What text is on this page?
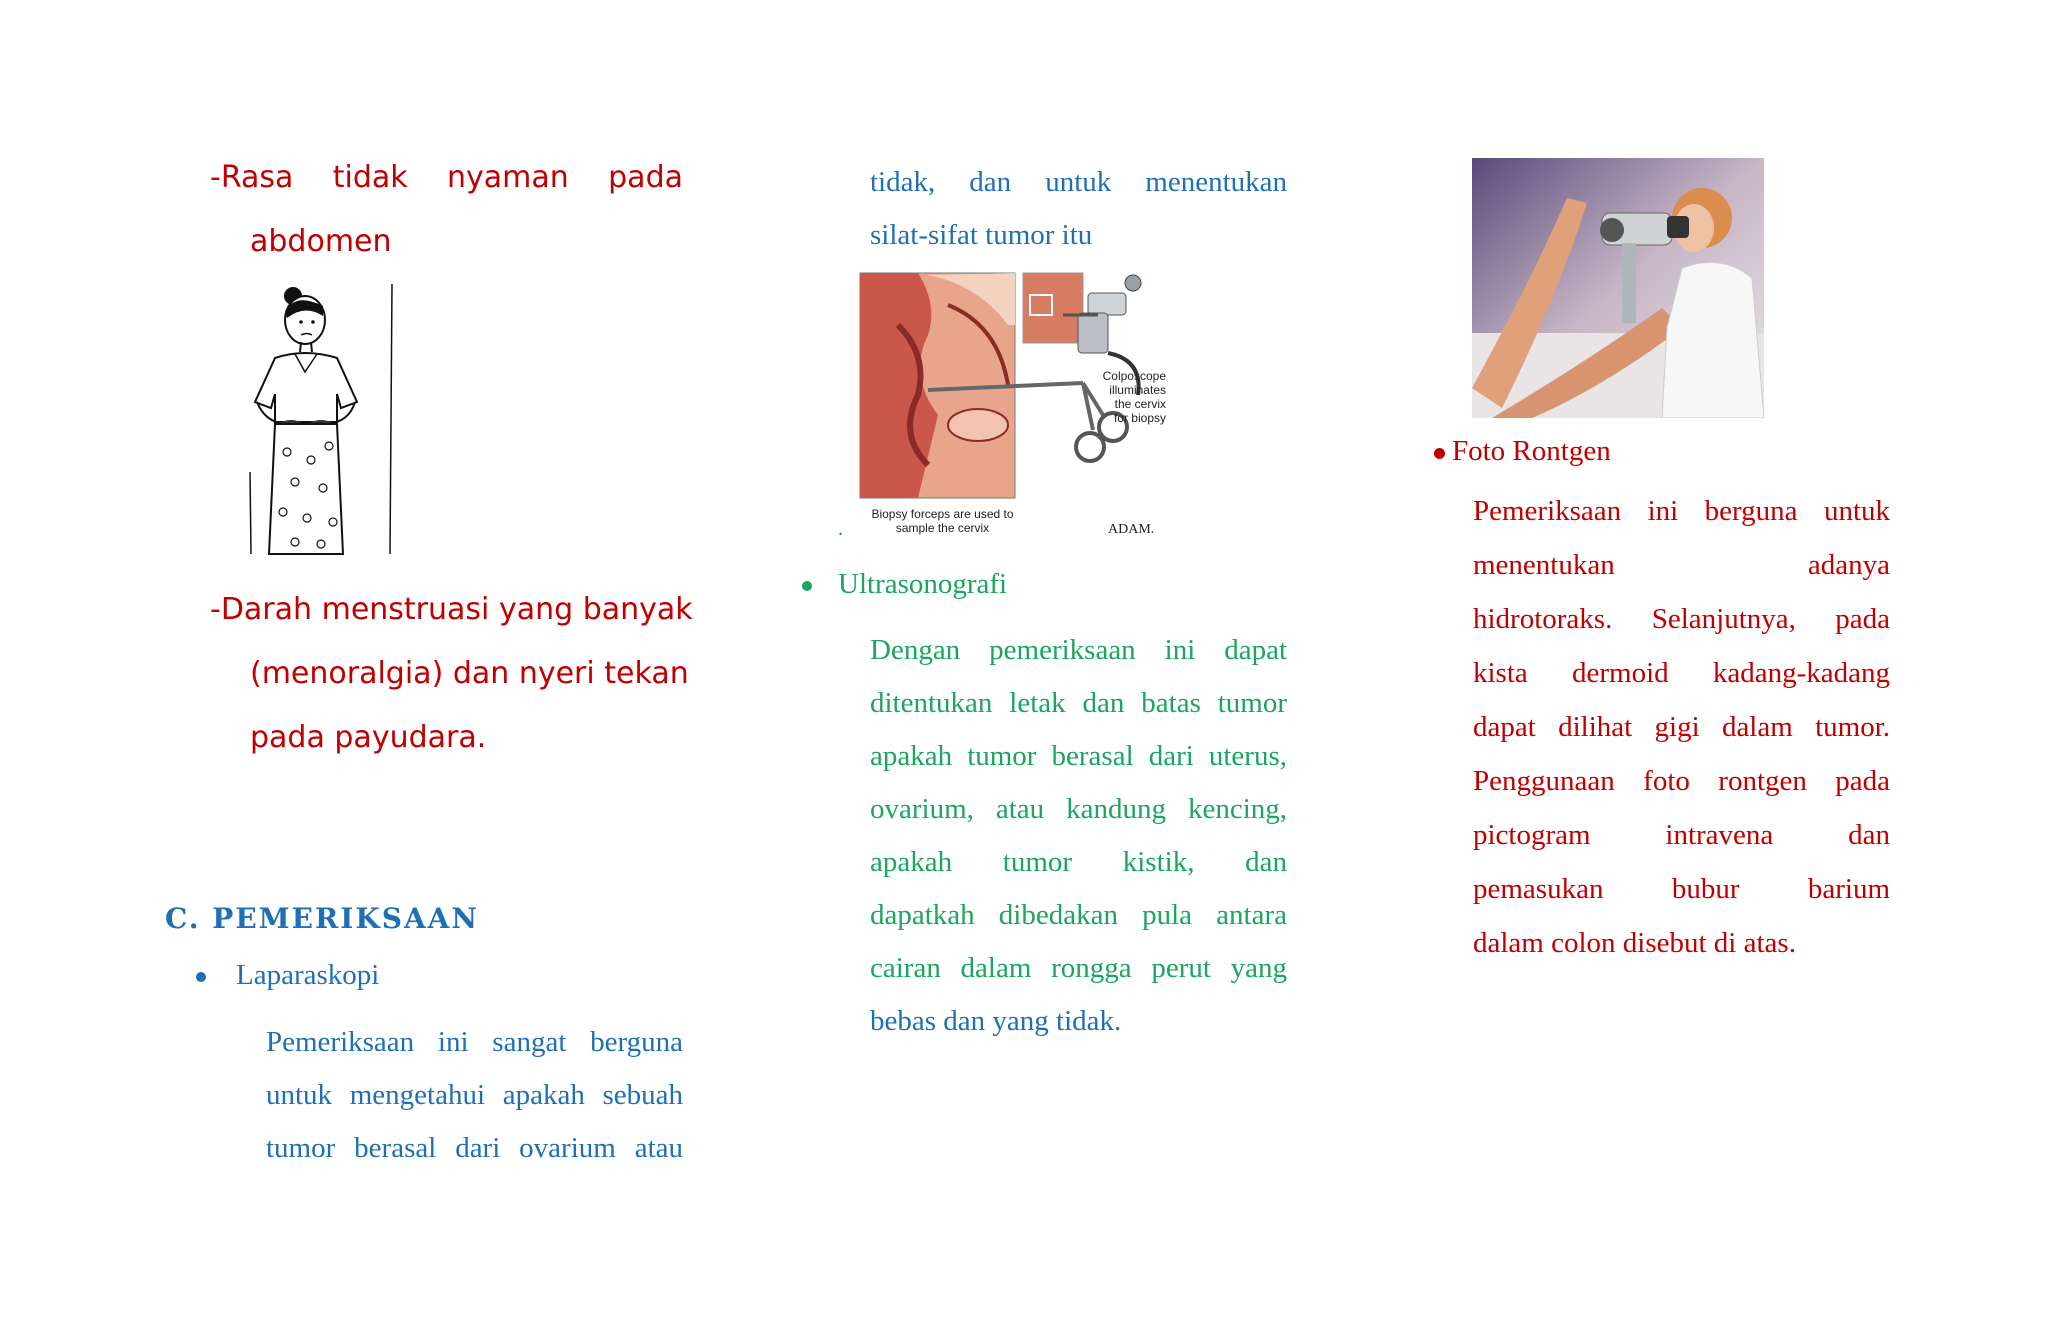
-Rasa tidak nyaman pada
abdomen
-Darah menstruasi yang banyak
(menoralgia) dan nyeri tekan
pada payudara.
C. PEMERIKSAAN
Laparaskopi
Pemeriksaan ini sangat berguna
untuk mengetahui apakah sebuah
tumor berasal dari ovarium atau
tidak, dan untuk menentukan
silat-sifat tumor itu
Colposcope
illuminates
the cervix
for biopsy
Biopsy forceps are used to
sample the cervix	ADAM.
.
Ultrasonografi
Dengan pemeriksaan ini dapat
ditentukan letak dan batas tumor
apakah tumor berasal dari uterus,
ovarium, atau kandung kencing,
apakah tumor kistik, dan
dapatkah dibedakan pula antara
cairan dalam rongga perut yang
bebas dan yang tidak.
Foto Rontgen
Pemeriksaan ini berguna untuk
menentukan	adanya
hidrotoraks. Selanjutnya, pada
kista dermoid kadang-kadang
dapat dilihat gigi dalam tumor.
Penggunaan foto rontgen pada
pictogram	intravena	dan
pemasukan bubur barium
dalam colon disebut di atas.
